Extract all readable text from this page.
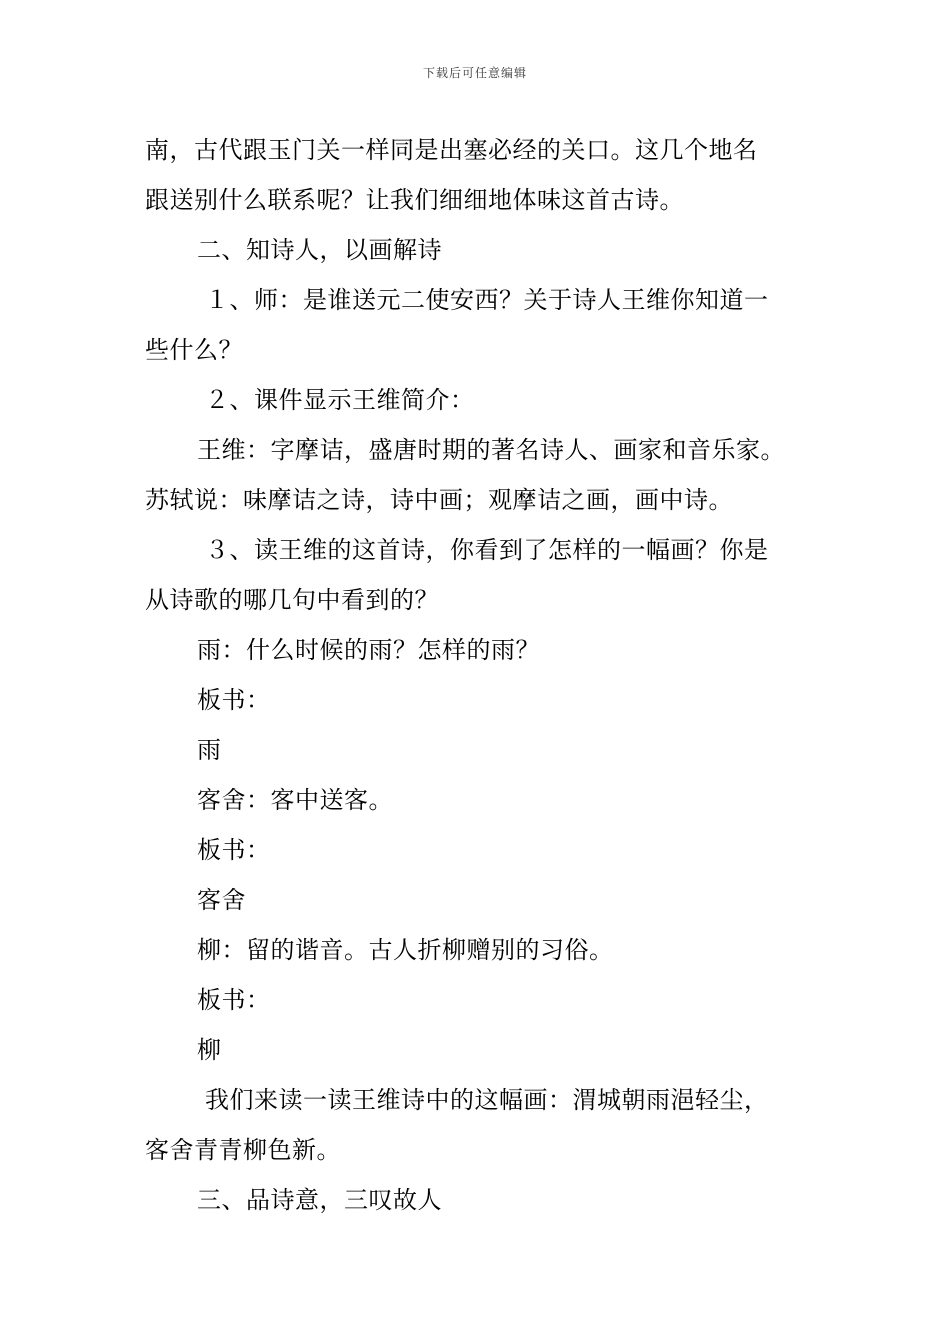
下载后可任意编辑
南，古代跟玉门关一样同是出塞必经的关口。这几个地名
跟送别什么联系呢？让我们细细地体味这首古诗。
二、知诗人，以画解诗
１、师：是谁送元二使安西？关于诗人王维你知道一
些什么？
２、课件显示王维简介：
王维：字摩诘，盛唐时期的著名诗人、画家和音乐家。
苏轼说：味摩诘之诗，诗中画；观摩诘之画，画中诗。
３、读王维的这首诗，你看到了怎样的一幅画？你是
从诗歌的哪几句中看到的？
雨：什么时候的雨？怎样的雨？
板书：
雨
客舍：客中送客。
板书：
客舍
柳：留的谐音。古人折柳赠别的习俗。
板书：
柳
我们来读一读王维诗中的这幅画：渭城朝雨浥轻尘，
客舍青青柳色新。
三、品诗意，三叹故人
